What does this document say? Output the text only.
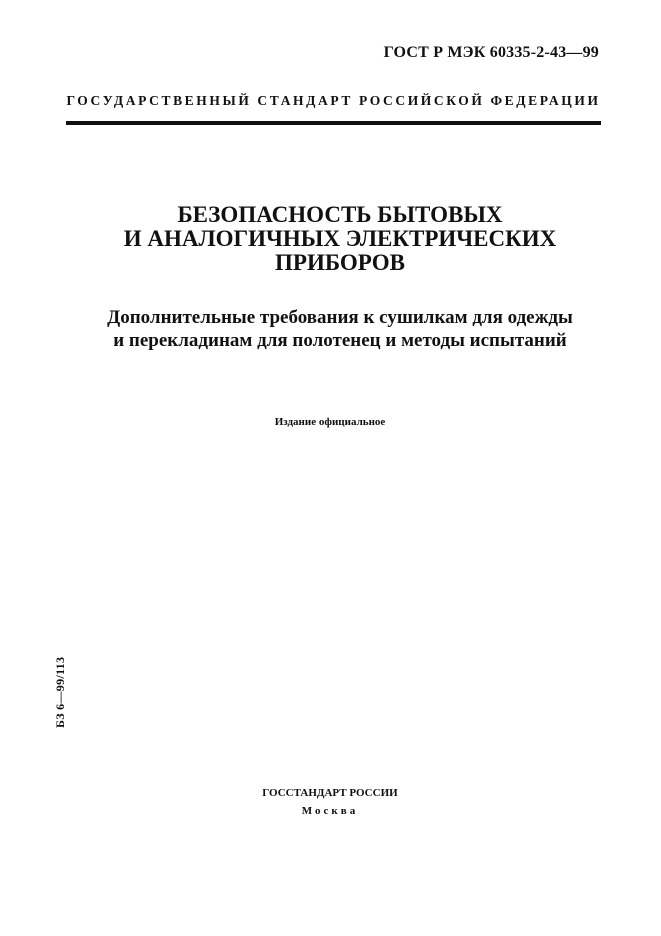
ГОСТ Р МЭК 60335-2-43—99
ГОСУДАРСТВЕННЫЙ СТАНДАРТ РОССИЙСКОЙ ФЕДЕРАЦИИ
БЕЗОПАСНОСТЬ БЫТОВЫХ
И АНАЛОГИЧНЫХ ЭЛЕКТРИЧЕСКИХ
ПРИБОРОВ
Дополнительные требования к сушилкам для одежды
и перекладинам для полотенец и методы испытаний
Издание официальное
БЗ 6—99/113
ГОССТАНДАРТ РОССИИ
Москва
